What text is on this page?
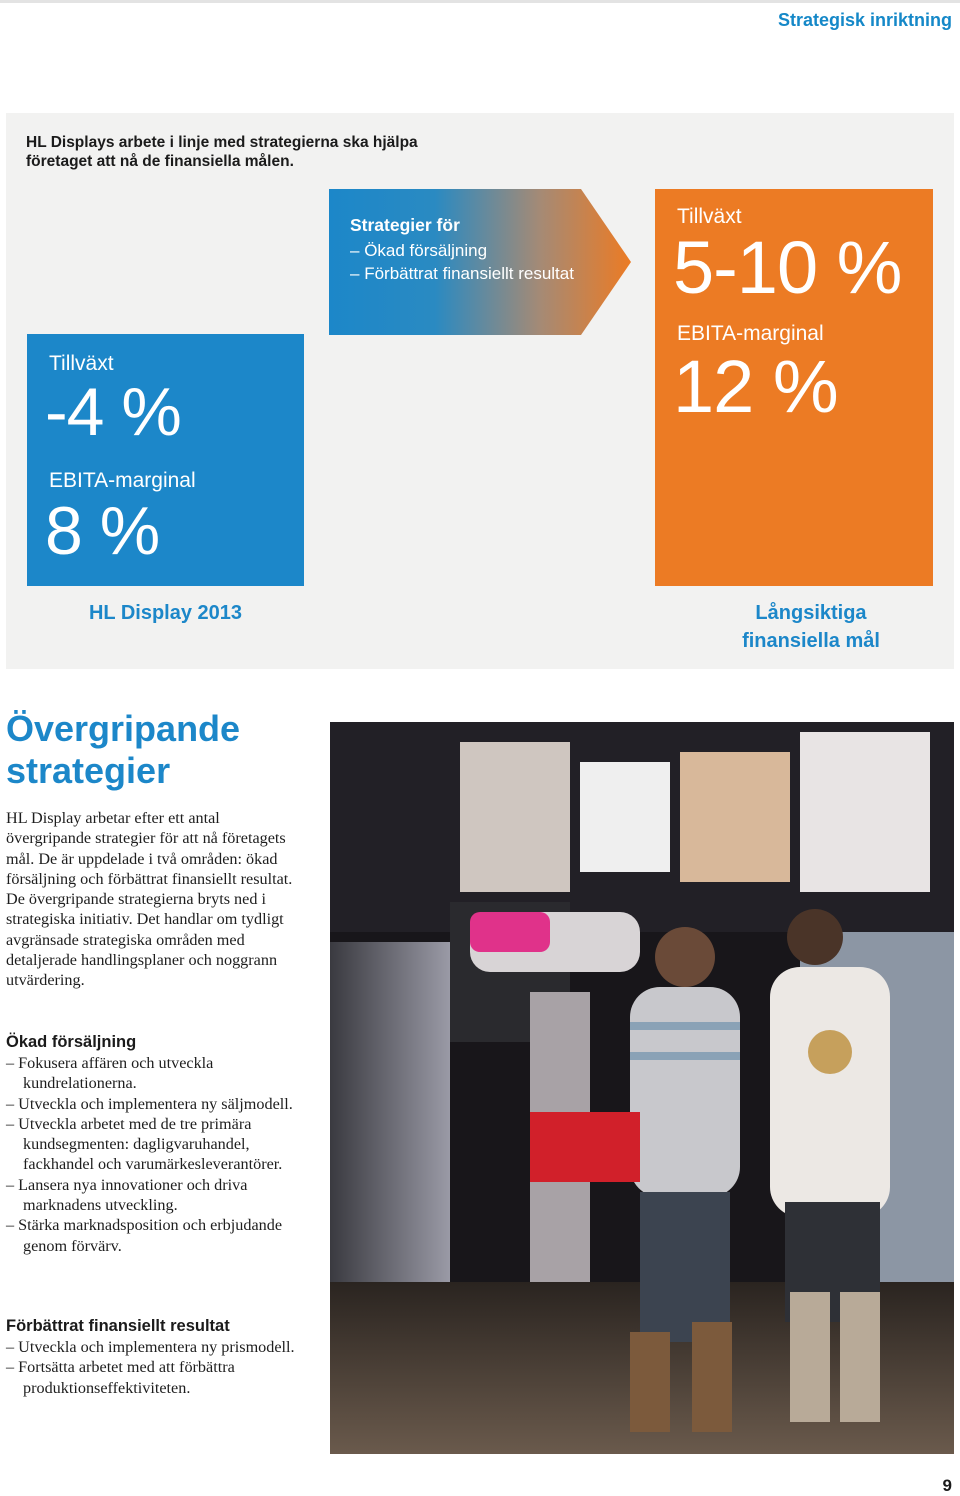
Strategisk inriktning
HL Displays arbete i linje med strategierna ska hjälpa företaget att nå de finansiella målen.
Tillväxt
-4 %
EBITA-marginal
8 %
Strategier för
– Ökad försäljning
– Förbättrat finansiellt resultat
Tillväxt
5-10 %
EBITA-marginal
12 %
HL Display 2013	Långsiktiga
finansiella mål
Övergripande
strategier
HL Display arbetar efter ett antal övergripande strategier för att nå företagets mål. De är uppdelade i två områden: ökad försäljning och förbättrat finansiellt resultat. De övergripande strategierna bryts ned i strategiska initiativ. Det handlar om tydligt avgränsade strategiska områden med detaljerade handlingsplaner och noggrann utvärdering.
Ökad försäljning
– Fokusera affären och utveckla kundrelationerna.
– Utveckla och implementera ny säljmodell.
– Utveckla arbetet med de tre primära kundsegmenten: dagligvaruhandel, fackhandel och varumärkesleverantörer.
– Lansera nya innovationer och driva marknadens utveckling.
– Stärka marknadsposition och erbjudande genom förvärv.
Förbättrat finansiellt resultat
– Utveckla och implementera ny prismodell.
– Fortsätta arbetet med att förbättra produktionseffektiviteten.
9
